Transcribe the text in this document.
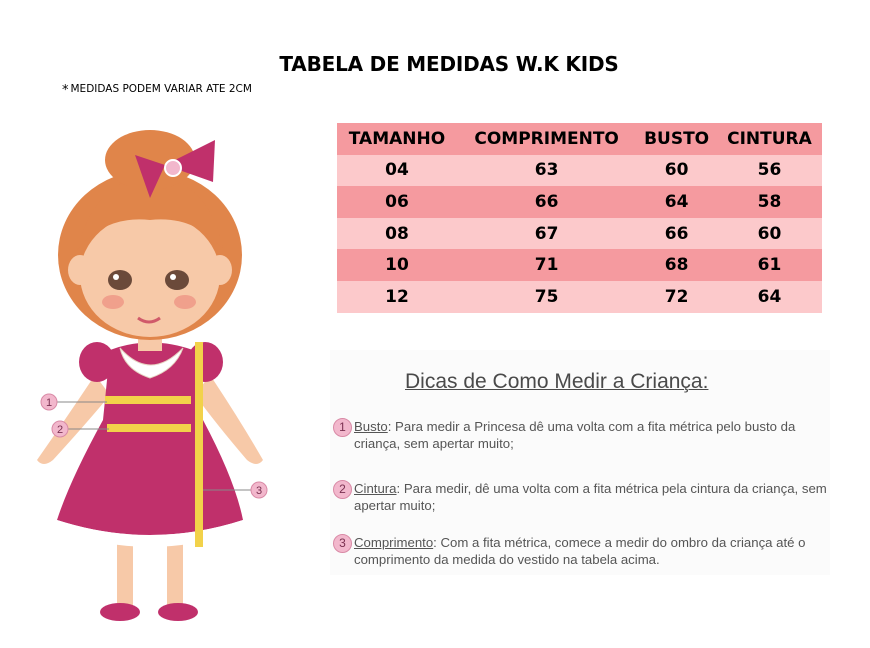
TABELA DE MEDIDAS W.K KIDS
* MEDIDAS PODEM VARIAR ATE 2CM
TAMANHO	COMPRIMENTO	BUSTO	CINTURA
04	63	60	56
06	66	64	58
08	67	66	60
10	71	68	61
12	75	72	64
Dicas de Como Medir a Criança:
1 Busto: Para medir a Princesa dê uma volta com a fita métrica pelo busto da criança, sem apertar muito;
2 Cintura: Para medir, dê uma volta com a fita métrica pela cintura da criança, sem apertar muito;
3 Comprimento: Com a fita métrica, comece a medir do ombro da criança até o comprimento da medida do vestido na tabela acima.
1
2
3
